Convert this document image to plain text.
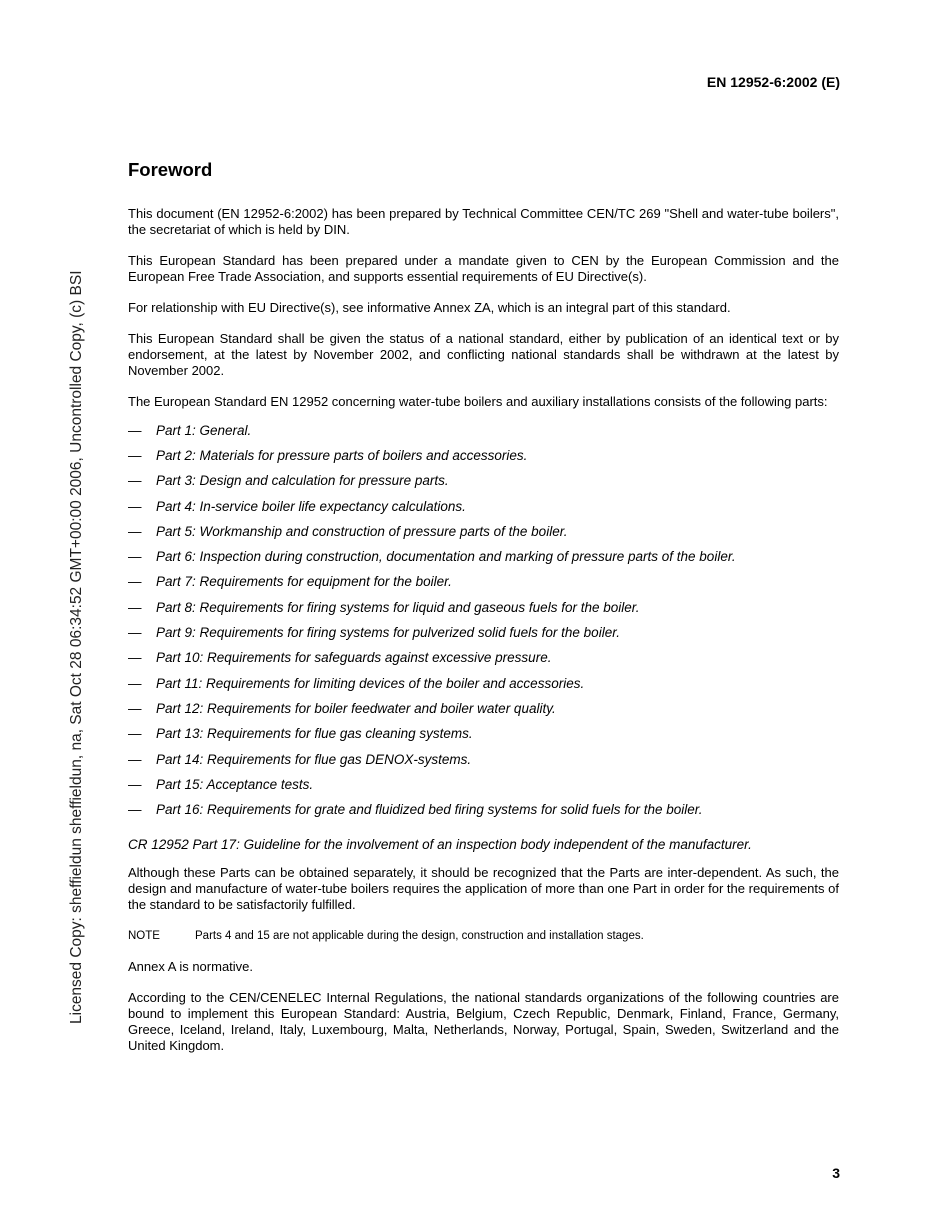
EN 12952-6:2002 (E)
Licensed Copy: sheffieldun sheffieldun, na, Sat Oct 28 06:34:52 GMT+00:00 2006, Uncontrolled Copy, (c) BSI
Foreword

This document (EN 12952-6:2002) has been prepared by Technical Committee CEN/TC 269 "Shell and water-tube boilers", the secretariat of which is held by DIN.

This European Standard has been prepared under a mandate given to CEN by the European Commission and the European Free Trade Association, and supports essential requirements of EU Directive(s).

For relationship with EU Directive(s), see informative Annex ZA, which is an integral part of this standard.

This European Standard shall be given the status of a national standard, either by publication of an identical text or by endorsement, at the latest by November 2002, and conflicting national standards shall be withdrawn at the latest by November 2002.

The European Standard EN 12952 concerning water-tube boilers and auxiliary installations consists of the following parts:

—	Part 1: General.
—	Part 2: Materials for pressure parts of boilers and accessories.
—	Part 3: Design and calculation for pressure parts.
—	Part 4: In-service boiler life expectancy calculations.
—	Part 5: Workmanship and construction of pressure parts of the boiler.
—	Part 6: Inspection during construction, documentation and marking of pressure parts of the boiler.
—	Part 7: Requirements for equipment for the boiler.
—	Part 8: Requirements for firing systems for liquid and gaseous fuels for the boiler.
—	Part 9: Requirements for firing systems for pulverized solid fuels for the boiler.
—	Part 10: Requirements for safeguards against excessive pressure.
—	Part 11: Requirements for limiting devices of the boiler and accessories.
—	Part 12: Requirements for boiler feedwater and boiler water quality.
—	Part 13: Requirements for flue gas cleaning systems.
—	Part 14: Requirements for flue gas DENOX-systems.
—	Part 15: Acceptance tests.
—	Part 16: Requirements for grate and fluidized bed firing systems for solid fuels for the boiler.

CR 12952 Part 17: Guideline for the involvement of an inspection body independent of the manufacturer.

Although these Parts can be obtained separately, it should be recognized that the Parts are inter-dependent. As such, the design and manufacture of water-tube boilers requires the application of more than one Part in order for the requirements of the standard to be satisfactorily fulfilled.

NOTE	Parts 4 and 15 are not applicable during the design, construction and installation stages.

Annex A is normative.

According to the CEN/CENELEC Internal Regulations, the national standards organizations of the following countries are bound to implement this European Standard: Austria, Belgium, Czech Republic, Denmark, Finland, France, Germany, Greece, Iceland, Ireland, Italy, Luxembourg, Malta, Netherlands, Norway, Portugal, Spain, Sweden, Switzerland and the United Kingdom.

3
